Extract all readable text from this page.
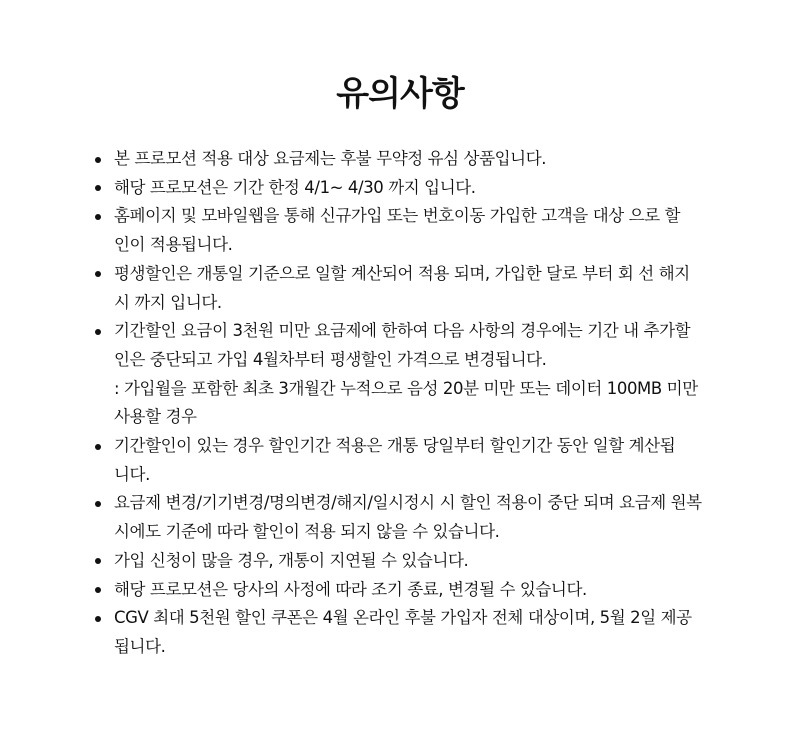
유의사항
본 프로모션 적용 대상 요금제는 후불 무약정 유심 상품입니다.
해당 프로모션은 기간 한정 4/1~ 4/30 까지 입니다.
홈페이지 및 모바일웹을 통해 신규가입 또는 번호이동 가입한 고객을 대상 으로 할
인이 적용됩니다.
평생할인은 개통일 기준으로 일할 계산되어 적용 되며, 가입한 달로 부터 회 선 해지
시 까지 입니다.
기간할인 요금이 3천원 미만 요금제에 한하여 다음 사항의 경우에는 기간 내 추가할
인은 중단되고 가입 4월차부터 평생할인 가격으로 변경됩니다.
: 가입월을 포함한 최초 3개월간 누적으로 음성 20분 미만 또는 데이터 100MB 미만
사용할 경우
기간할인이 있는 경우 할인기간 적용은 개통 당일부터 할인기간 동안 일할 계산됩
니다.
요금제 변경/기기변경/명의변경/해지/일시정시 시 할인 적용이 중단 되며 요금제 원복
시에도 기준에 따라 할인이 적용 되지 않을 수 있습니다.
가입 신청이 많을 경우, 개통이 지연될 수 있습니다.
해당 프로모션은 당사의 사정에 따라 조기 종료, 변경될 수 있습니다.
CGV 최대 5천원 할인 쿠폰은 4월 온라인 후불 가입자 전체 대상이며, 5월 2일 제공
됩니다.
